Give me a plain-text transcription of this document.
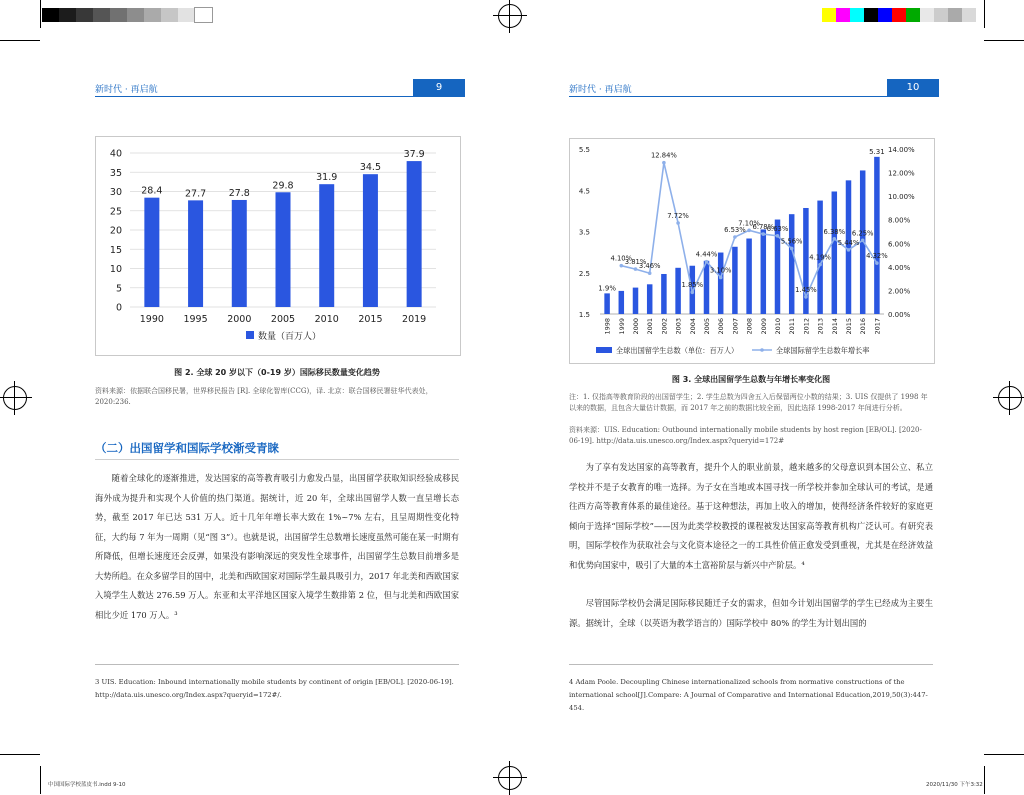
新时代 · 再启航	9
0
5
10
15
20
25
30
35
40
28.4
1990
27.7
1995
27.8
2000
29.8
2005
31.9
2010
34.5
2015
37.9
2019
数量（百万人）
图 2. 全球 20 岁以下（0-19 岁）国际移民数量变化趋势
资料来源：依据联合国移民署，世界移民报告 [R]. 全球化智库(CCG)，译. 北京：联合国移民署驻华代表处，2020:236.
（二）出国留学和国际学校渐受青睐
随着全球化的逐渐推进，发达国家的高等教育吸引力愈发凸显，出国留学获取知识经验成移民海外成为提升和实现个人价值的热门渠道。据统计，近 20 年，全球出国留学人数一直呈增长态势，截至 2017 年已达 531 万人。近十几年年增长率大致在 1%~7% 左右，且呈周期性变化特征，大约每 7 年为一周期（见“图 3”）。也就是说，出国留学生总数增长速度虽然可能在某一时期有所降低，但增长速度还会反弹，如果没有影响深远的突发性全球事件，出国留学生总数目前增多是大势所趋。在众多留学目的国中，北美和西欧国家对国际学生最具吸引力，2017 年北美和西欧国家入境学生人数达 276.59 万人。东亚和太平洋地区国家入境学生数排第 2 位，但与北美和西欧国家相比少近 170 万人。³
3 UIS. Education: Inbound internationally mobile students by continent of origin [EB/OL]. [2020-06-19]. http://data.uis.unesco.org/Index.aspx?queryid=172#/.
中国国际学校蓝皮书.indd 9-10
新时代 · 再启航	10
1.5
2.5
3.5
4.5
5.5
0.00%
2.00%
4.00%
6.00%
8.00%
10.00%
12.00%
14.00%
1998 1999 2000 2001 2002 2003 2004 2005 2006 2007 2008 2009 2010 2011 2012 2013 2014 2015 2016 2017
1.9%
5.31
4.10%
3.81%
3.46%
12.84%
7.72%
1.85%
4.44%
3.10%
6.53%
7.10%
6.78%
6.63%
5.56%
1.45%
4.19%
6.38%
5.44%
6.25%
4.32%
全球出国留学生总数（单位：百万人）	全球国际留学生总数年增长率
图 3. 全球出国留学生总数与年增长率变化图
注：1. 仅指高等教育阶段的出国留学生；2. 学生总数为四舍五入后保留两位小数的结果；3. UIS 仅提供了 1998 年以来的数据，且包含大量估计数据，而 2017 年之前的数据比较全面，因此选择 1998-2017 年间进行分析。
资料来源：UIS. Education: Outbound internationally mobile students by host region [EB/OL]. [2020-06-19]. http://data.uis.unesco.org/Index.aspx?queryid=172#
为了享有发达国家的高等教育，提升个人的职业前景，越来越多的父母意识到本国公立、私立学校并不是子女教育的唯一选择。为子女在当地或本国寻找一所学校并参加全球认可的考试，是通往西方高等教育体系的最佳途径。基于这种想法，再加上收入的增加，使得经济条件较好的家庭更倾向于选择“国际学校”——因为此类学校教授的课程被发达国家高等教育机构广泛认可。有研究表明，国际学校作为获取社会与文化资本途径之一的工具性价值正愈发受到重视，尤其是在经济效益和优势向国家中，吸引了大量的本土富裕阶层与新兴中产阶层。⁴
尽管国际学校仍会满足国际移民随迁子女的需求，但如今计划出国留学的学生已经成为主要生源。据统计，全球（以英语为教学语言的）国际学校中 80% 的学生为计划出国的
4 Adam Poole. Decoupling Chinese internationalized schools from normative constructions of the international school[J].Compare: A Journal of Comparative and International Education,2019,50(3):447-454.
2020/11/30 下午3:32
